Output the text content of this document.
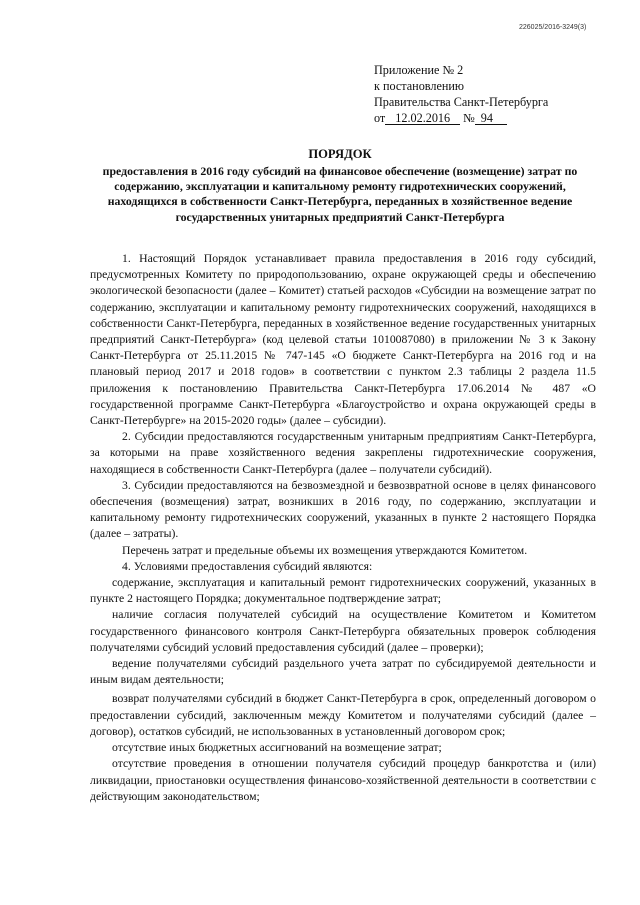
226025/2016-3249(3)
Приложение № 2
к постановлению
Правительства Санкт-Петербурга
от 12.02.2016 № 94
ПОРЯДОК
предоставления в 2016 году субсидий на финансовое обеспечение (возмещение) затрат по содержанию, эксплуатации и капитальному ремонту гидротехнических сооружений, находящихся в собственности Санкт-Петербурга, переданных в хозяйственное ведение государственных унитарных предприятий Санкт-Петербурга

1. Настоящий Порядок устанавливает правила предоставления в 2016 году субсидий, предусмотренных Комитету по природопользованию, охране окружающей среды и обеспечению экологической безопасности (далее – Комитет) статьей расходов «Субсидии на возмещение затрат по содержанию, эксплуатации и капитальному ремонту гидротехнических сооружений, находящихся в собственности Санкт-Петербурга, переданных в хозяйственное ведение государственных унитарных предприятий Санкт-Петербурга» (код целевой статьи 1010087080) в приложении № 3 к Закону Санкт-Петербурга от 25.11.2015 № 747-145 «О бюджете Санкт-Петербурга на 2016 год и на плановый период 2017 и 2018 годов» в соответствии с пунктом 2.3 таблицы 2 раздела 11.5 приложения к постановлению Правительства Санкт-Петербурга 17.06.2014 № 487 «О государственной программе Санкт-Петербурга «Благоустройство и охрана окружающей среды в Санкт-Петербурге» на 2015-2020 годы» (далее – субсидии).

2. Субсидии предоставляются государственным унитарным предприятиям Санкт-Петербурга, за которыми на праве хозяйственного ведения закреплены гидротехнические сооружения, находящиеся в собственности Санкт-Петербурга (далее – получатели субсидий).

3. Субсидии предоставляются на безвозмездной и безвозвратной основе в целях финансового обеспечения (возмещения) затрат, возникших в 2016 году, по содержанию, эксплуатации и капитальному ремонту гидротехнических сооружений, указанных в пункте 2 настоящего Порядка (далее – затраты).

Перечень затрат и предельные объемы их возмещения утверждаются Комитетом.

4. Условиями предоставления субсидий являются:

содержание, эксплуатация и капитальный ремонт гидротехнических сооружений, указанных в пункте 2 настоящего Порядка; документальное подтверждение затрат;

наличие согласия получателей субсидий на осуществление Комитетом и Комитетом государственного финансового контроля Санкт-Петербурга обязательных проверок соблюдения получателями субсидий условий предоставления субсидий (далее – проверки);

ведение получателями субсидий раздельного учета затрат по субсидируемой деятельности и иным видам деятельности;

возврат получателями субсидий в бюджет Санкт-Петербурга в срок, определенный договором о предоставлении субсидий, заключенным между Комитетом и получателями субсидий (далее – договор), остатков субсидий, не использованных в установленный договором срок;

отсутствие иных бюджетных ассигнований на возмещение затрат;

отсутствие проведения в отношении получателя субсидий процедур банкротства и (или) ликвидации, приостановки осуществления финансово-хозяйственной деятельности в соответствии с действующим законодательством;
